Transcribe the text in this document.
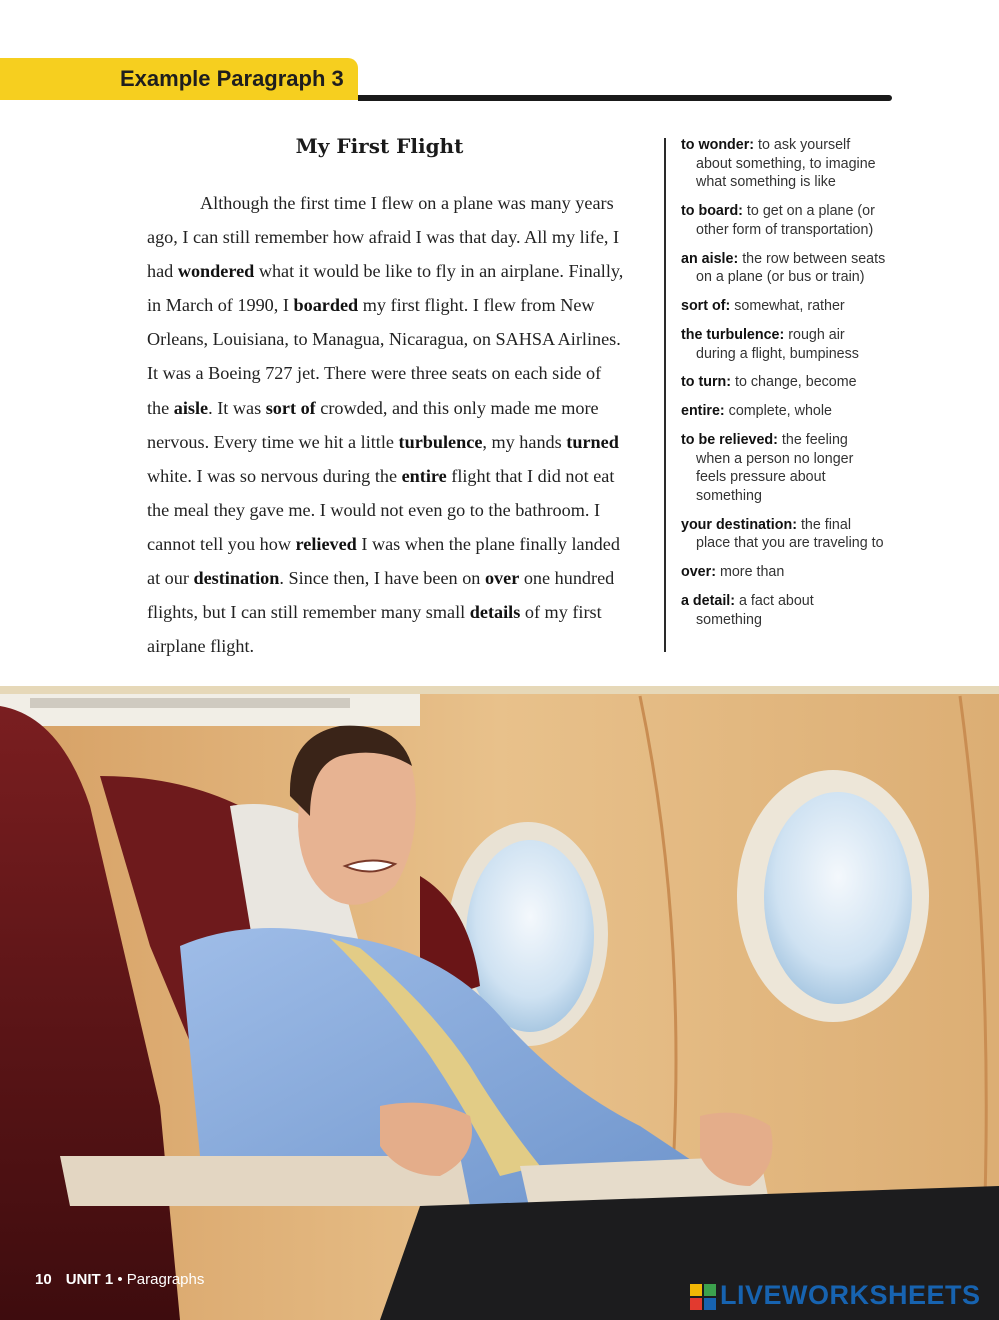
Example Paragraph 3
My First Flight
Although the first time I flew on a plane was many years
ago, I can still remember how afraid I was that day. All my life, I
had wondered what it would be like to fly in an airplane. Finally,
in March of 1990, I boarded my first flight. I flew from New
Orleans, Louisiana, to Managua, Nicaragua, on SAHSA Airlines.
It was a Boeing 727 jet. There were three seats on each side of
the aisle. It was sort of crowded, and this only made me more
nervous. Every time we hit a little turbulence, my hands turned
white. I was so nervous during the entire flight that I did not eat
the meal they gave me. I would not even go to the bathroom. I
cannot tell you how relieved I was when the plane finally landed
at our destination. Since then, I have been on over one hundred
flights, but I can still remember many small details of my first
airplane flight.
to wonder: to ask yourself
about something, to imagine
what something is like
to board: to get on a plane (or
other form of transportation)
an aisle: the row between seats
on a plane (or bus or train)
sort of: somewhat, rather
the turbulence: rough air
during a flight, bumpiness
to turn: to change, become
entire: complete, whole
to be relieved: the feeling
when a person no longer
feels pressure about
something
your destination: the final
place that you are traveling to
over: more than
a detail: a fact about
something
10 UNIT 1 • Paragraphs
LIVEWORKSHEETS
